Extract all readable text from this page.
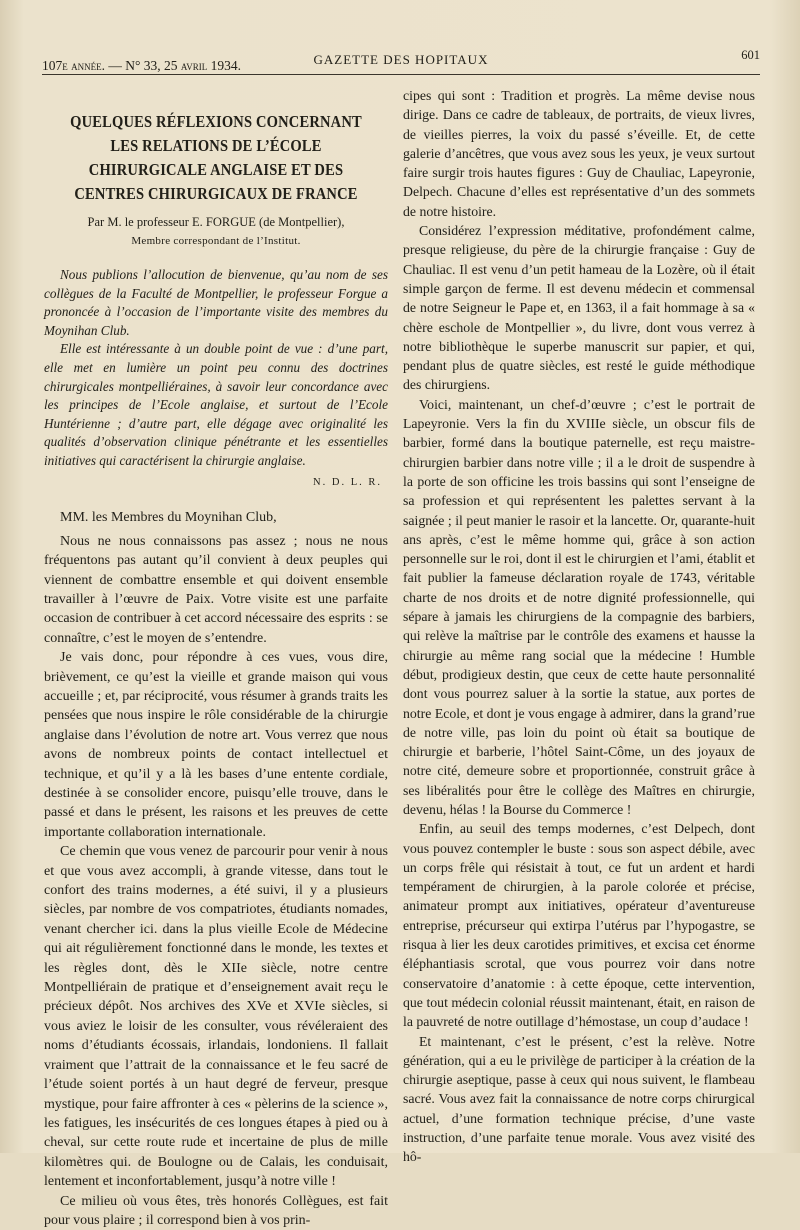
107e année. — N° 33, 25 avril 1934.	GAZETTE DES HOPITAUX	601
QUELQUES RÉFLEXIONS CONCERNANT LES RELATIONS DE L’ÉCOLE CHIRURGICALE ANGLAISE ET DES CENTRES CHIRURGICAUX DE FRANCE
Par M. le professeur E. FORGUE (de Montpellier),
Membre correspondant de l’Institut.

Nous publions l’allocution de bienvenue, qu’au nom de ses collègues de la Faculté de Montpellier, le professeur Forgue a prononcée à l’occasion de l’importante visite des membres du Moynihan Club.

Elle est intéressante à un double point de vue : d’une part, elle met en lumière un point peu connu des doctrines chirurgicales montpelliéraines, à savoir leur concordance avec les principes de l’Ecole anglaise, et surtout de l’Ecole Huntérienne ; d’autre part, elle dégage avec originalité les qualités d’observation clinique pénétrante et les essentielles initiatives qui caractérisent la chirurgie anglaise.

N. D. L. R.
MM. les Membres du Moynihan Club,

Nous ne nous connaissons pas assez ; nous ne nous fréquentons pas autant qu’il convient à deux peuples qui viennent de combattre ensemble et qui doivent ensemble travailler à l’œuvre de Paix. Votre visite est une parfaite occasion de contribuer à cet accord nécessaire des esprits : se connaître, c’est le moyen de s’entendre.

Je vais donc, pour répondre à ces vues, vous dire, brièvement, ce qu’est la vieille et grande maison qui vous accueille ; et, par réciprocité, vous résumer à grands traits les pensées que nous inspire le rôle considérable de la chirurgie anglaise dans l’évolution de notre art. Vous verrez que nous avons de nombreux points de contact intellectuel et technique, et qu’il y a là les bases d’une entente cordiale, destinée à se consolider encore, puisqu’elle trouve, dans le passé et dans le présent, les raisons et les preuves de cette importante collaboration internationale.

Ce chemin que vous venez de parcourir pour venir à nous et que vous avez accompli, à grande vitesse, dans tout le confort des trains modernes, a été suivi, il y a plusieurs siècles, par nombre de vos compatriotes, étudiants nomades, venant chercher ici. dans la plus vieille Ecole de Médecine qui ait régulièrement fonctionné dans le monde, les textes et les règles dont, dès le XIIe siècle, notre centre Montpelliérain de pratique et d’enseignement avait reçu le précieux dépôt. Nos archives des XVe et XVIe siècles, si vous aviez le loisir de les consulter, vous révéleraient des noms d’étudiants écossais, irlandais, londoniens. Il fallait vraiment que l’attrait de la connaissance et le feu sacré de l’étude soient portés à un haut degré de ferveur, presque mystique, pour faire affronter à ces « pèlerins de la science », les fatigues, les insécurités de ces longues étapes à pied ou à cheval, sur cette route rude et incertaine de plus de mille kilomètres qui. de Boulogne ou de Calais, les conduisait, lentement et inconfortablement, jusqu’à notre ville !

Ce milieu où vous êtes, très honorés Collègues, est fait pour vous plaire ; il correspond bien à vos prin-

cipes qui sont : Tradition et progrès. La même devise nous dirige. Dans ce cadre de tableaux, de portraits, de vieux livres, de vieilles pierres, la voix du passé s’éveille. Et, de cette galerie d’ancêtres, que vous avez sous les yeux, je veux surtout faire surgir trois hautes figures : Guy de Chauliac, Lapeyronie, Delpech. Chacune d’elles est représentative d’un des sommets de notre histoire.

Considérez l’expression méditative, profondément calme, presque religieuse, du père de la chirurgie française : Guy de Chauliac. Il est venu d’un petit hameau de la Lozère, où il était simple garçon de ferme. Il est devenu médecin et commensal de notre Seigneur le Pape et, en 1363, il a fait hommage à sa « chère eschole de Montpellier », du livre, dont vous verrez à notre bibliothèque le superbe manuscrit sur papier, et qui, pendant plus de quatre siècles, est resté le guide méthodique des chirurgiens.

Voici, maintenant, un chef-d’œuvre ; c’est le portrait de Lapeyronie. Vers la fin du XVIIIe siècle, un obscur fils de barbier, formé dans la boutique paternelle, est reçu maistre-chirurgien barbier dans notre ville ; il a le droit de suspendre à la porte de son officine les trois bassins qui sont l’enseigne de sa profession et qui représentent les palettes servant à la saignée ; il peut manier le rasoir et la lancette. Or, quarante-huit ans après, c’est le même homme qui, grâce à son action personnelle sur le roi, dont il est le chirurgien et l’ami, établit et fait publier la fameuse déclaration royale de 1743, véritable charte de nos droits et de notre dignité professionnelle, qui sépare à jamais les chirurgiens de la compagnie des barbiers, qui relève la maîtrise par le contrôle des examens et hausse la chirurgie au même rang social que la médecine ! Humble début, prodigieux destin, que ceux de cette haute personnalité dont vous pourrez saluer à la sortie la statue, aux portes de notre Ecole, et dont je vous engage à admirer, dans la grand’rue de notre ville, pas loin du point où était sa boutique de chirurgie et barberie, l’hôtel Saint-Côme, un des joyaux de notre cité, demeure sobre et proportionnée, construit grâce à ses libéralités pour être le collège des Maîtres en chirurgie, devenu, hélas ! la Bourse du Commerce !

Enfin, au seuil des temps modernes, c’est Delpech, dont vous pouvez contempler le buste : sous son aspect débile, avec un corps frêle qui résistait à tout, ce fut un ardent et hardi tempérament de chirurgien, à la parole colorée et précise, animateur prompt aux initiatives, opérateur d’aventureuse entreprise, précurseur qui extirpa l’utérus par l’hypogastre, se risqua à lier les deux carotides primitives, et excisa cet énorme éléphantiasis scrotal, que vous pourrez voir dans notre conservatoire d’anatomie : à cette époque, cette intervention, que tout médecin colonial réussit maintenant, était, en raison de la pauvreté de notre outillage d’hémostase, un coup d’audace !

Et maintenant, c’est le présent, c’est la relève. Notre génération, qui a eu le privilège de participer à la création de la chirurgie aseptique, passe à ceux qui nous suivent, le flambeau sacré. Vous avez fait la connaissance de notre corps chirurgical actuel, d’une formation technique précise, d’une vaste instruction, d’une parfaite tenue morale. Vous avez visité des hô-
